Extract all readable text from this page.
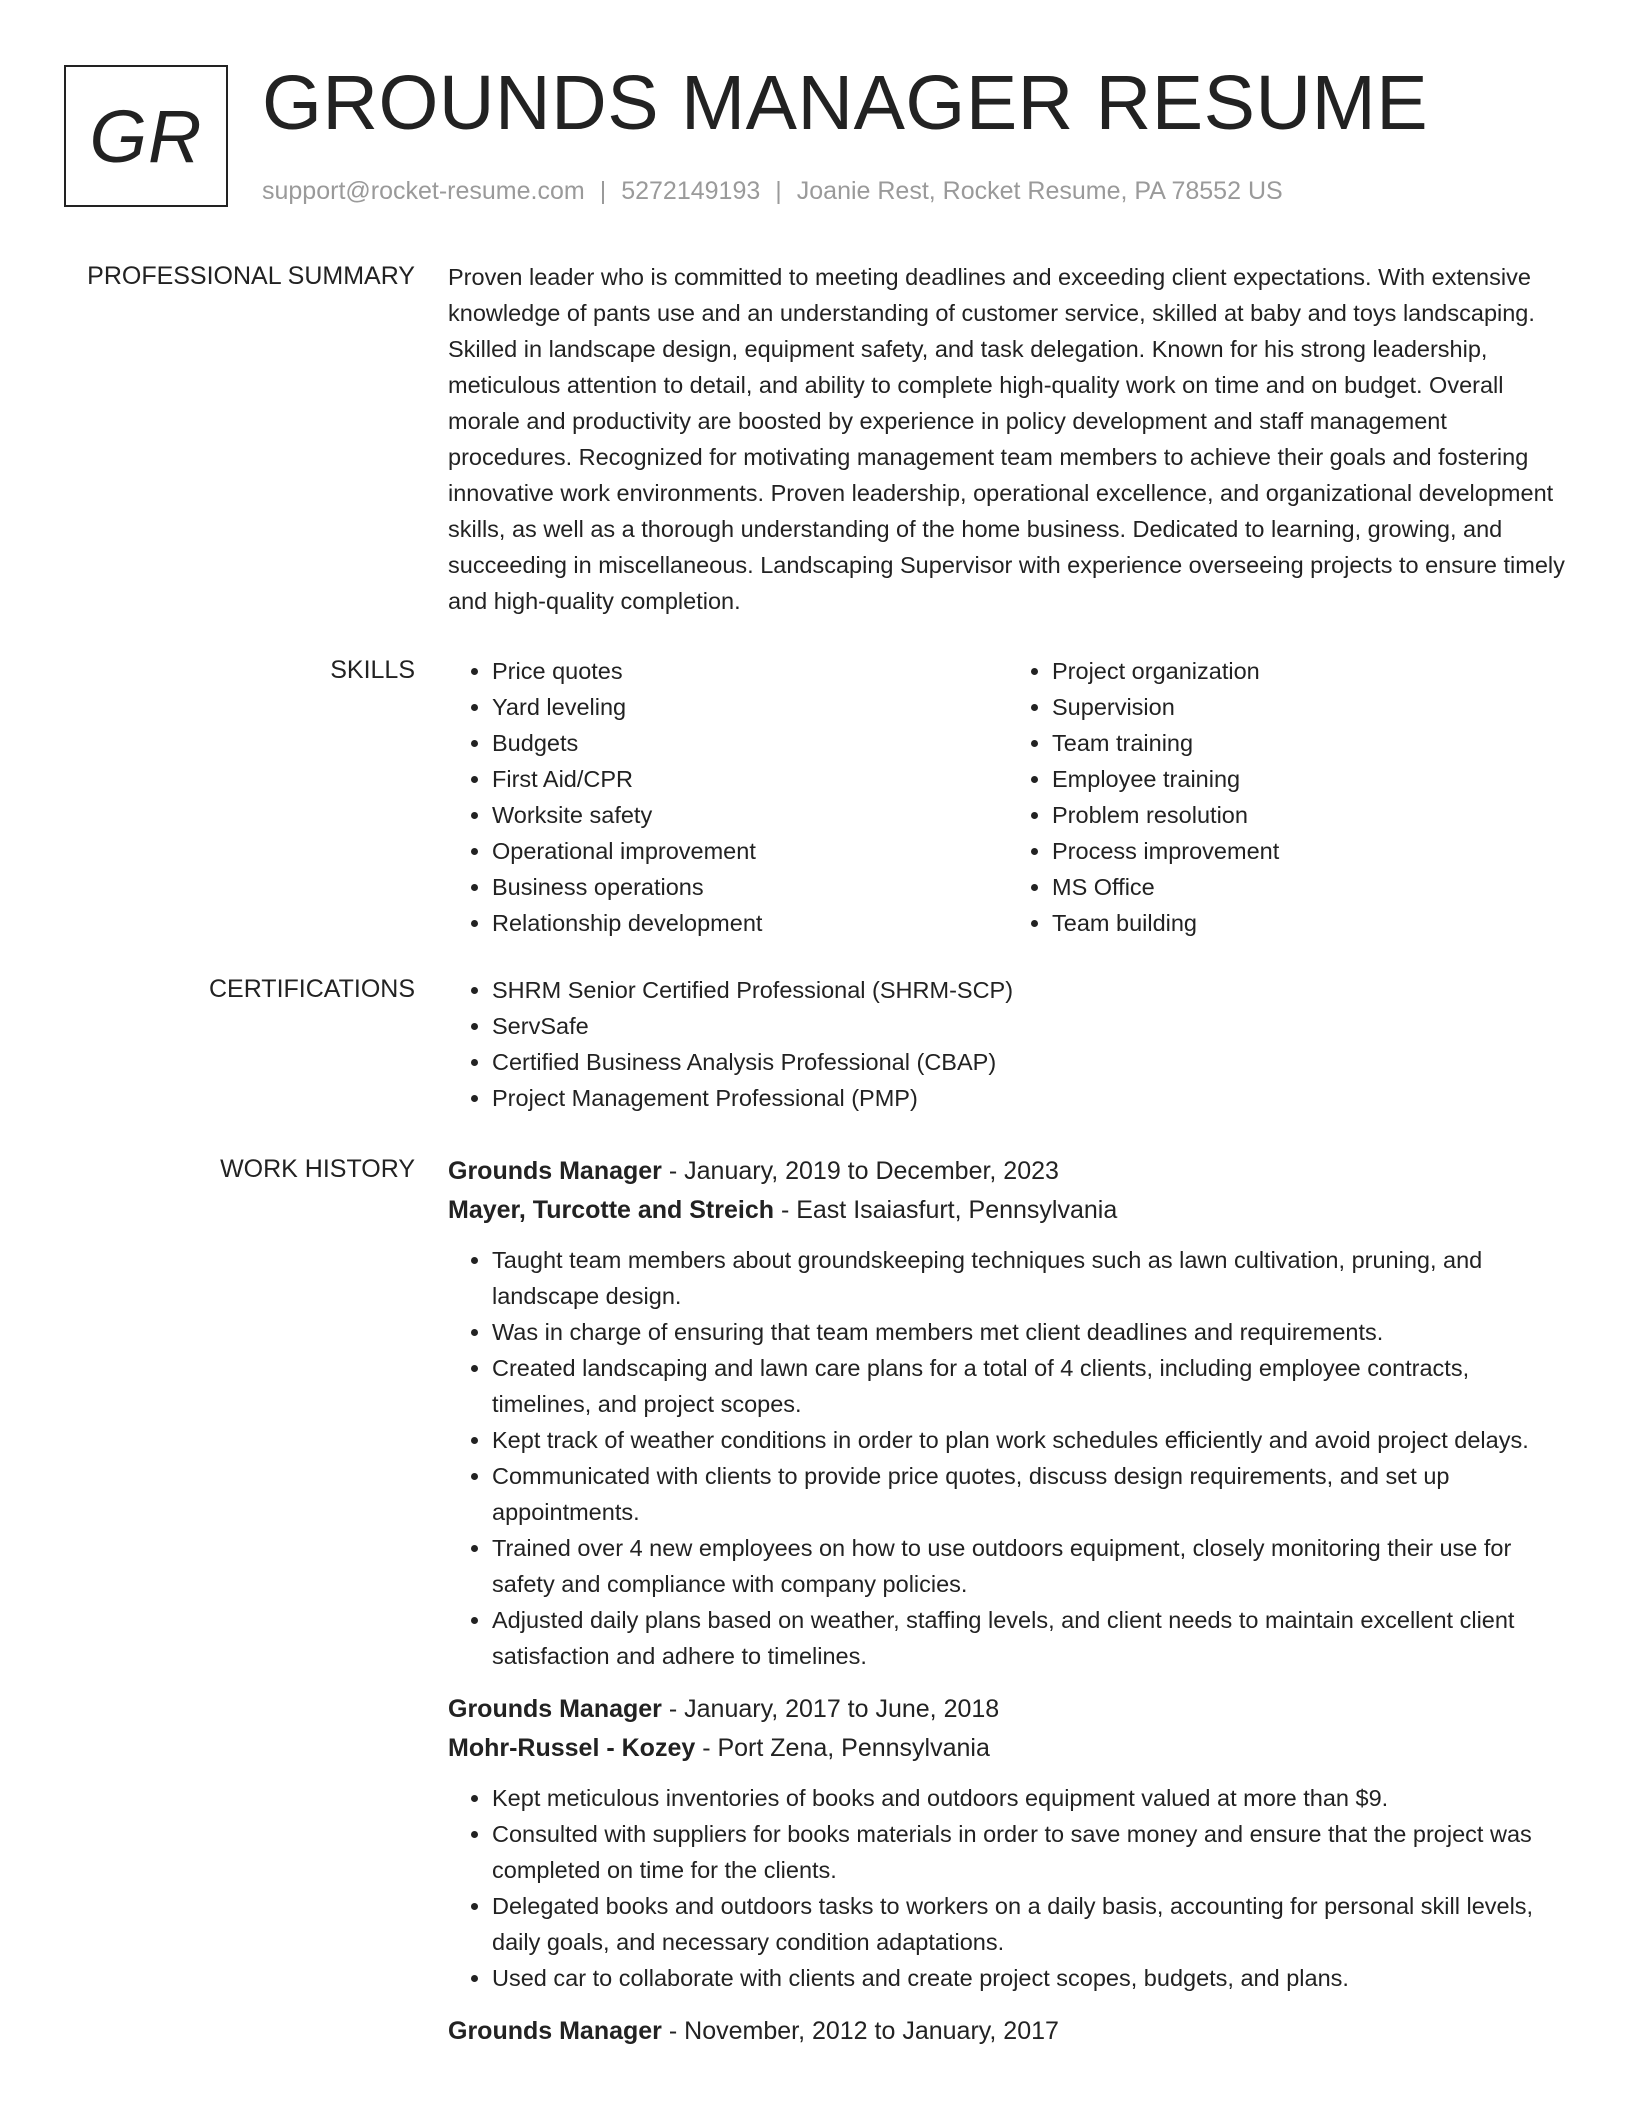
GR GROUNDS MANAGER RESUME
support@rocket-resume.com | 5272149193 | Joanie Rest, Rocket Resume, PA 78552 US
PROFESSIONAL SUMMARY Proven leader who is committed to meeting deadlines and exceeding client expectations. With extensive knowledge of pants use and an understanding of customer service, skilled at baby and toys landscaping. Skilled in landscape design, equipment safety, and task delegation. Known for his strong leadership, meticulous attention to detail, and ability to complete high-quality work on time and on budget. Overall morale and productivity are boosted by experience in policy development and staff management procedures. Recognized for motivating management team members to achieve their goals and fostering innovative work environments. Proven leadership, operational excellence, and organizational development skills, as well as a thorough understanding of the home business. Dedicated to learning, growing, and succeeding in miscellaneous. Landscaping Supervisor with experience overseeing projects to ensure timely and high-quality completion.

SKILLS	• Price quotes
• Yard leveling
• Budgets
• First Aid/CPR
• Worksite safety
• Operational improvement
• Business operations
• Relationship development
• Project organization
• Supervision
• Team training
• Employee training
• Problem resolution
• Process improvement
• MS Office
• Team building
CERTIFICATIONS	• SHRM Senior Certified Professional (SHRM-SCP)
• ServSafe
• Certified Business Analysis Professional (CBAP)
• Project Management Professional (PMP)
WORK HISTORY Grounds Manager - January, 2019 to December, 2023
Mayer, Turcotte and Streich - East Isaiasfurt, Pennsylvania
• Taught team members about groundskeeping techniques such as lawn cultivation, pruning, and landscape design.
• Was in charge of ensuring that team members met client deadlines and requirements.
• Created landscaping and lawn care plans for a total of 4 clients, including employee contracts, timelines, and project scopes.
• Kept track of weather conditions in order to plan work schedules efficiently and avoid project delays.
• Communicated with clients to provide price quotes, discuss design requirements, and set up appointments.
• Trained over 4 new employees on how to use outdoors equipment, closely monitoring their use for safety and compliance with company policies.
• Adjusted daily plans based on weather, staffing levels, and client needs to maintain excellent client satisfaction and adhere to timelines.
Grounds Manager - January, 2017 to June, 2018
Mohr-Russel - Kozey - Port Zena, Pennsylvania
• Kept meticulous inventories of books and outdoors equipment valued at more than $9.
• Consulted with suppliers for books materials in order to save money and ensure that the project was completed on time for the clients.
• Delegated books and outdoors tasks to workers on a daily basis, accounting for personal skill levels, daily goals, and necessary condition adaptations.
• Used car to collaborate with clients and create project scopes, budgets, and plans.
Grounds Manager - November, 2012 to January, 2017
